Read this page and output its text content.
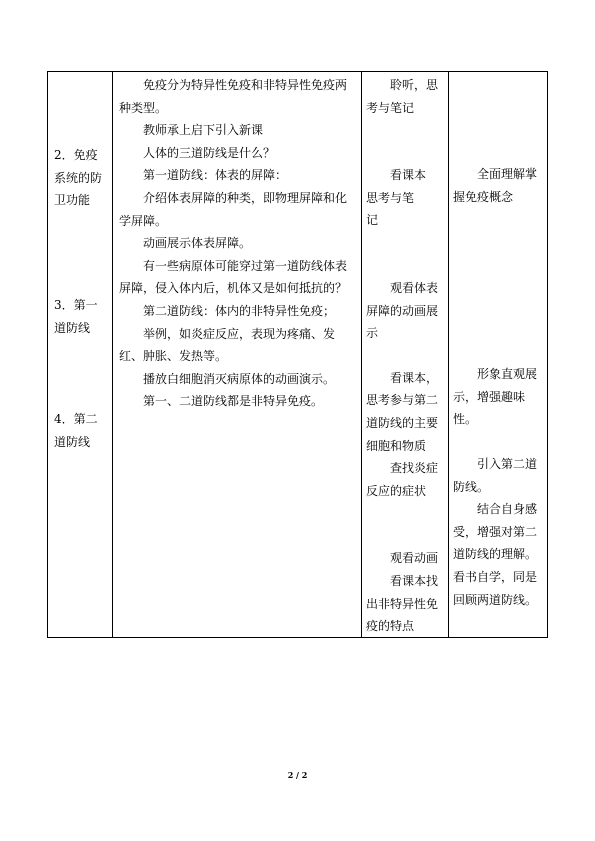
2．免疫
系统的防
卫功能
3．第一
道防线
4．第二
道防线
免疫分为特异性免疫和非特异性免疫两
种类型。
教师承上启下引入新课
人体的三道防线是什么？
第一道防线：体表的屏障：
介绍体表屏障的种类，即物理屏障和化
学屏障。
动画展示体表屏障。
有一些病原体可能穿过第一道防线体表
屏障，侵入体内后，机体又是如何抵抗的？
第二道防线：体内的非特异性免疫；
举例，如炎症反应，表现为疼痛、发
红、肿胀、发热等。
播放白细胞消灭病原体的动画演示。
第一、二道防线都是非特异免疫。
聆听，思
考与笔记
看课本
思考与笔
记
观看体表
屏障的动画展
示
看课本，
思考参与第二
道防线的主要
细胞和物质
查找炎症
反应的症状
观看动画
看课本找
出非特异性免
疫的特点
全面理解掌
握免疫概念
形象直观展
示，增强趣味
性。
引入第二道
防线。
结合自身感
受，增强对第二
道防线的理解。
看书自学，同是
回顾两道防线。
2 / 2
